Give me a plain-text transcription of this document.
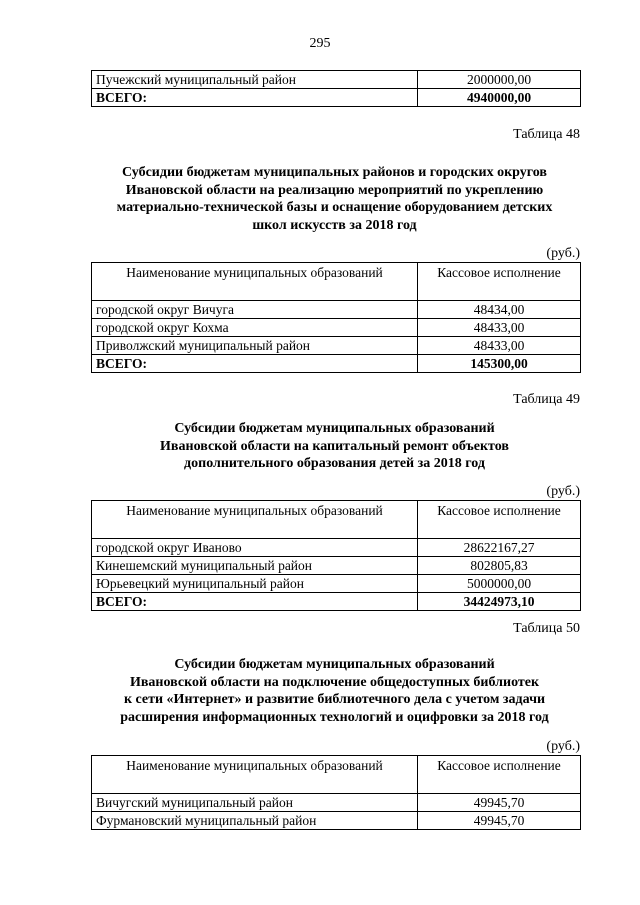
295
Пучежский муниципальный район	2000000,00
ВСЕГО:	4940000,00
Таблица 48
Субсидии бюджетам муниципальных районов и городских округов
Ивановской области на реализацию мероприятий по укреплению
материально-технической базы и оснащение оборудованием детских
школ искусств за 2018 год
(руб.)
Наименование муниципальных образований	Кассовое исполнение
городской округ Вичуга	48434,00
городской округ Кохма	48433,00
Приволжский муниципальный район	48433,00
ВСЕГО:	145300,00
Таблица 49
Субсидии бюджетам муниципальных образований
Ивановской области на капитальный ремонт объектов
дополнительного образования детей за 2018 год
(руб.)
Наименование муниципальных образований	Кассовое исполнение
городской округ Иваново	28622167,27
Кинешемский муниципальный район	802805,83
Юрьевецкий муниципальный район	5000000,00
ВСЕГО:	34424973,10
Таблица 50
Субсидии бюджетам муниципальных образований
Ивановской области на подключение общедоступных библиотек
к сети «Интернет» и развитие библиотечного дела с учетом задачи
расширения информационных технологий и оцифровки за 2018 год
(руб.)
Наименование муниципальных образований	Кассовое исполнение
Вичугский муниципальный район	49945,70
Фурмановский муниципальный район	49945,70
